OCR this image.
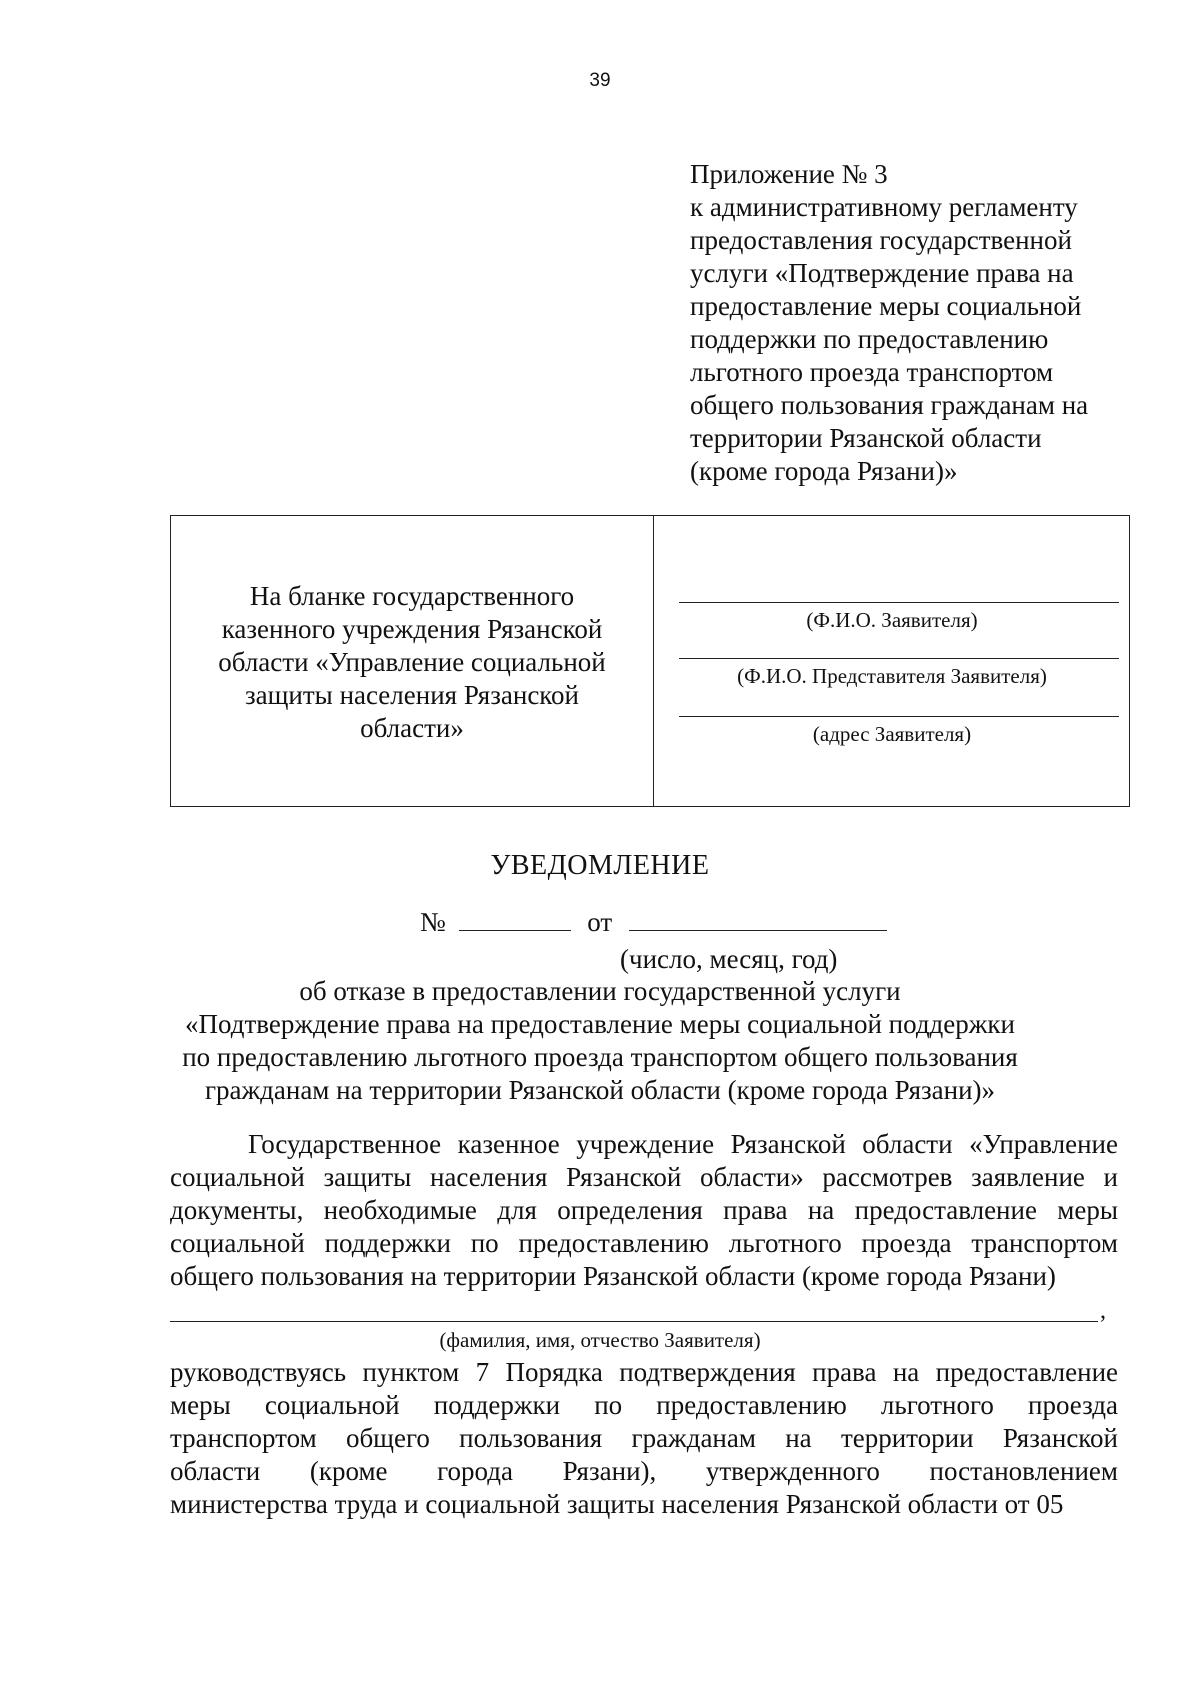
39
Приложение № 3
к административному регламенту
предоставления государственной
услуги «Подтверждение права на
предоставление меры социальной
поддержки по предоставлению
льготного проезда транспортом
общего пользования гражданам на
территории Рязанской области
(кроме города Рязани)»
На бланке государственного
казенного учреждения Рязанской
области «Управление социальной
защиты населения Рязанской
области»
(Ф.И.О. Заявителя)
(Ф.И.О. Представителя Заявителя)
(адрес Заявителя)
УВЕДОМЛЕНИЕ
№	от
(число, месяц, год)
об отказе в предоставлении государственной услуги
«Подтверждение права на предоставление меры социальной поддержки
по предоставлению льготного проезда транспортом общего пользования
гражданам на территории Рязанской области (кроме города Рязани)»
Государственное казенное учреждение Рязанской области «Управление
социальной защиты населения Рязанской области» рассмотрев заявление и
документы, необходимые для определения права на предоставление меры
социальной поддержки по предоставлению льготного проезда транспортом
общего пользования на территории Рязанской области (кроме города Рязани)
,
(фамилия, имя, отчество Заявителя)
руководствуясь пунктом 7 Порядка подтверждения права на предоставление
меры социальной поддержки по предоставлению льготного проезда
транспортом общего пользования гражданам на территории Рязанской
области (кроме города Рязани), утвержденного постановлением
министерства труда и социальной защиты населения Рязанской области от 05
